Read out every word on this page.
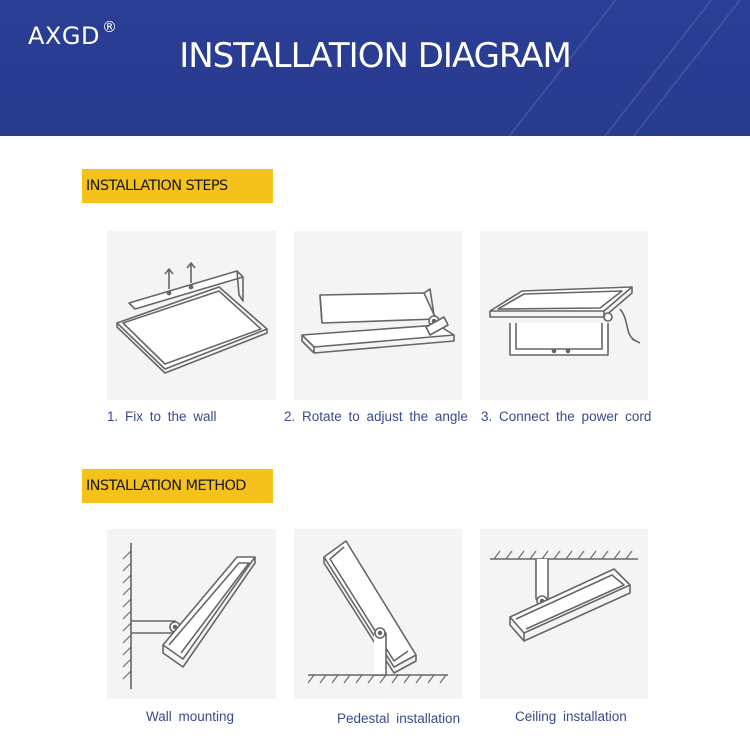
AXGD ®
INSTALLATION DIAGRAM
INSTALLATION STEPS
1. Fix to the wall	2. Rotate to adjust the angle 3. Connect the power cord
INSTALLATION METHOD
Wall mounting	Pedestal installation	Ceiling installation
